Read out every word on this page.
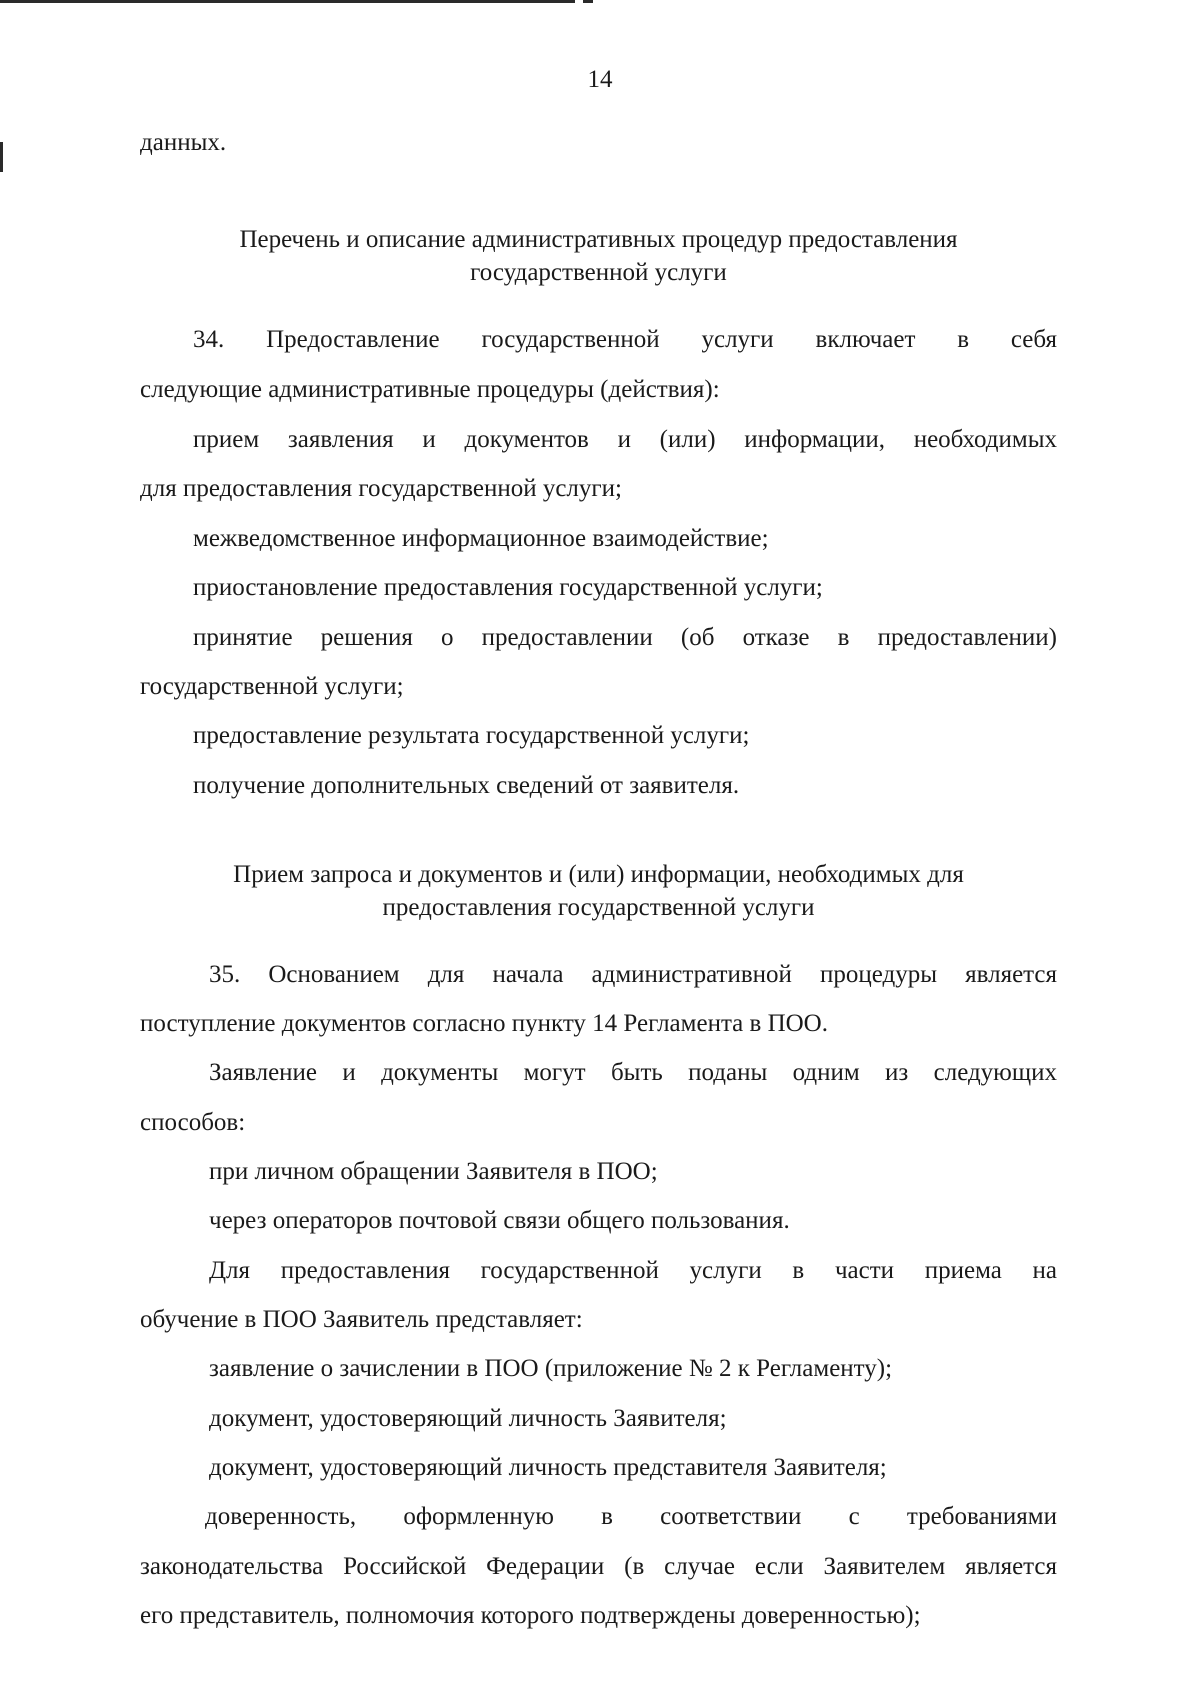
14
данных.
Перечень и описание административных процедур предоставления
государственной услуги
34. Предоставление государственной услуги включает в себя
следующие административные процедуры (действия):
прием заявления и документов и (или) информации, необходимых
для предоставления государственной услуги;
межведомственное информационное взаимодействие;
приостановление предоставления государственной услуги;
принятие решения о предоставлении (об отказе в предоставлении)
государственной услуги;
предоставление результата государственной услуги;
получение дополнительных сведений от заявителя.
Прием запроса и документов и (или) информации, необходимых для
предоставления государственной услуги
35. Основанием для начала административной процедуры является
поступление документов согласно пункту 14 Регламента в ПОО.
Заявление и документы могут быть поданы одним из следующих
способов:
при личном обращении Заявителя в ПОО;
через операторов почтовой связи общего пользования.
Для предоставления государственной услуги в части приема на
обучение в ПОО Заявитель представляет:
заявление о зачислении в ПОО (приложение № 2 к Регламенту);
документ, удостоверяющий личность Заявителя;
документ, удостоверяющий личность представителя Заявителя;
доверенность, оформленную в соответствии с требованиями
законодательства Российской Федерации (в случае если Заявителем является
его представитель, полномочия которого подтверждены доверенностью);
